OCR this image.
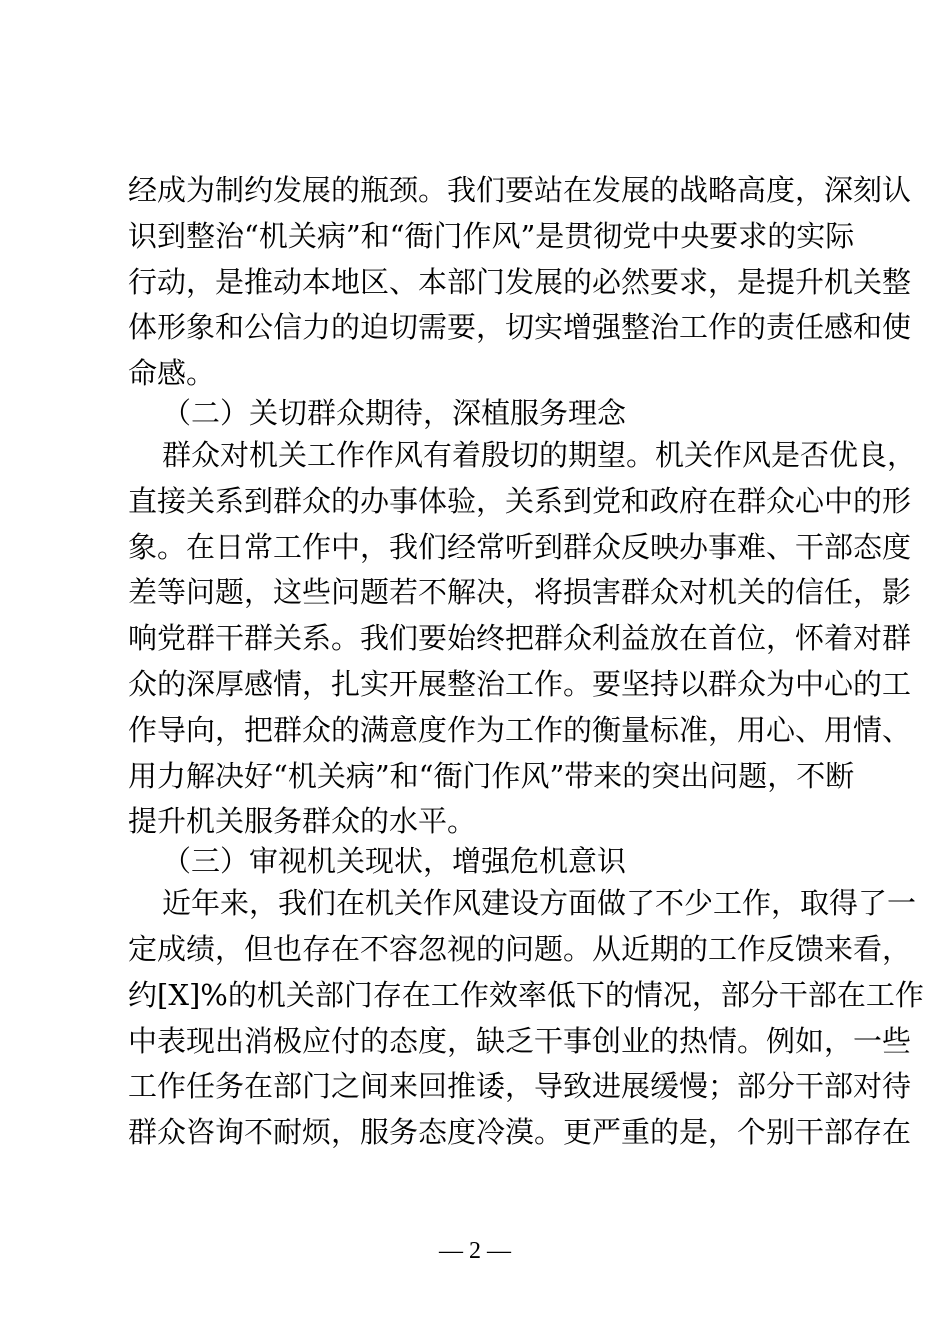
经成为制约发展的瓶颈。我们要站在发展的战略高度，深刻认
识到整治“机关病”和“衙门作风”是贯彻党中央要求的实际
行动，是推动本地区、本部门发展的必然要求，是提升机关整
体形象和公信力的迫切需要，切实增强整治工作的责任感和使
命感。
（二）关切群众期待，深植服务理念
群众对机关工作作风有着殷切的期望。机关作风是否优良，
直接关系到群众的办事体验，关系到党和政府在群众心中的形
象。在日常工作中，我们经常听到群众反映办事难、干部态度
差等问题，这些问题若不解决，将损害群众对机关的信任，影
响党群干群关系。我们要始终把群众利益放在首位，怀着对群
众的深厚感情，扎实开展整治工作。要坚持以群众为中心的工
作导向，把群众的满意度作为工作的衡量标准，用心、用情、
用力解决好“机关病”和“衙门作风”带来的突出问题，不断
提升机关服务群众的水平。
（三）审视机关现状，增强危机意识
近年来，我们在机关作风建设方面做了不少工作，取得了一
定成绩，但也存在不容忽视的问题。从近期的工作反馈来看，
约[X]%的机关部门存在工作效率低下的情况，部分干部在工作
中表现出消极应付的态度，缺乏干事创业的热情。例如，一些
工作任务在部门之间来回推诿，导致进展缓慢；部分干部对待
群众咨询不耐烦，服务态度冷漠。更严重的是，个别干部存在
— 2 —
